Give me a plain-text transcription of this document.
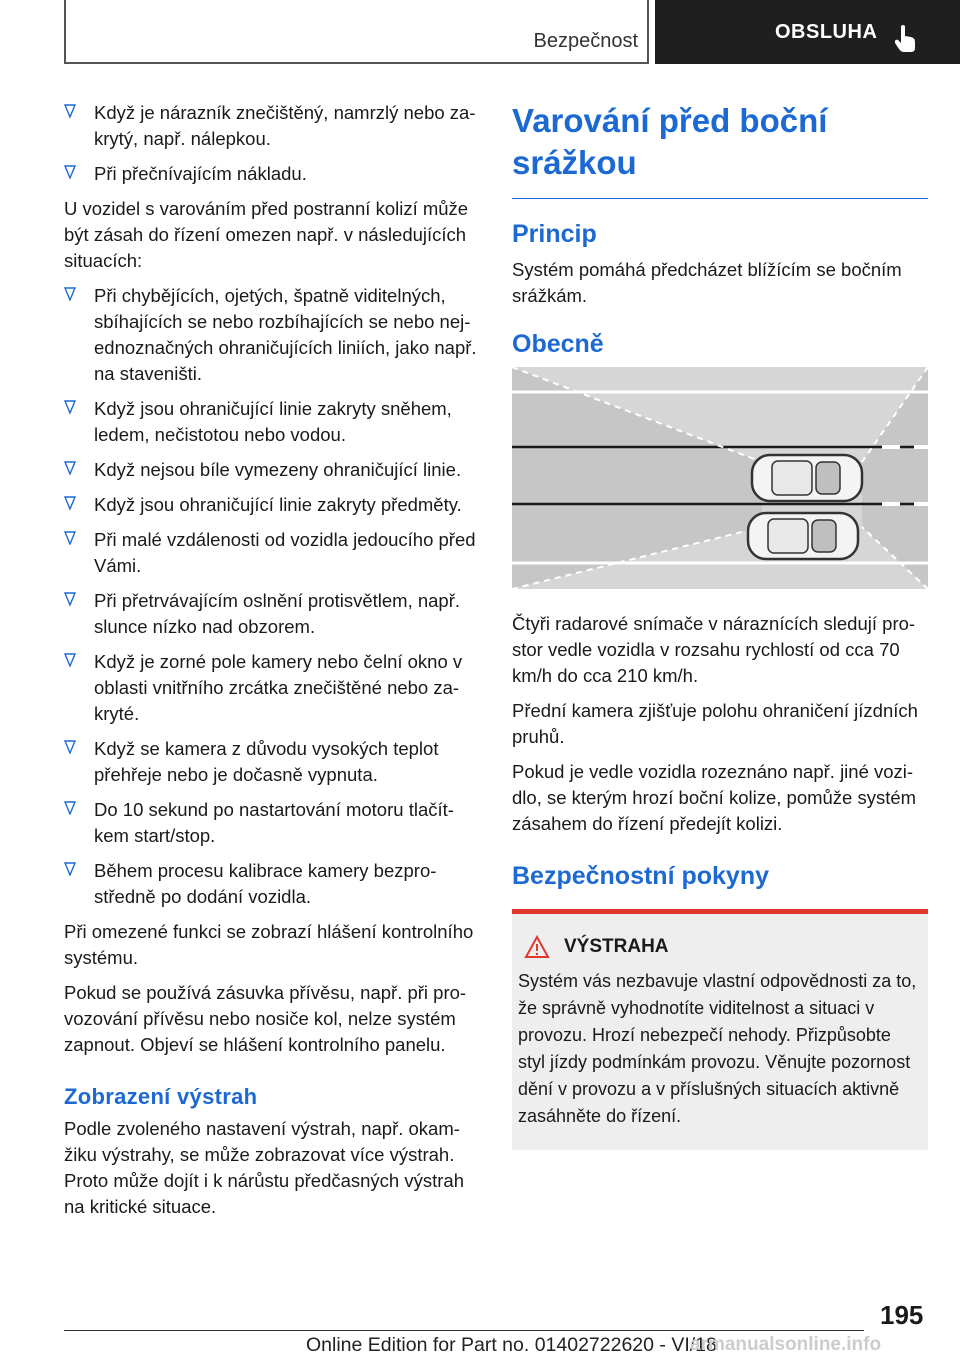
Bezpečnost	OBSLUHA
Když je nárazník znečištěný, namrzlý nebo zakrytý, např. nálepkou.
Při přečnívajícím nákladu.

U vozidel s varováním před postranní kolizí může být zásah do řízení omezen např. v následujících situacích:

Při chybějících, ojetých, špatně viditelných, sbíhajících se nebo rozbíhajících se nebo nejednoznačných ohraničujících liniích, jako např. na staveništi.
Když jsou ohraničující linie zakryty sněhem, ledem, nečistotou nebo vodou.
Když nejsou bíle vymezeny ohraničující linie.
Když jsou ohraničující linie zakryty předměty.
Při malé vzdálenosti od vozidla jedoucího před Vámi.
Při přetrvávajícím oslnění protisvětlem, např. slunce nízko nad obzorem.
Když je zorné pole kamery nebo čelní okno v oblasti vnitřního zrcátka znečištěné nebo zakryté.
Když se kamera z důvodu vysokých teplot přehřeje nebo je dočasně vypnuta.
Do 10 sekund po nastartování motoru tlačítkem start/stop.
Během procesu kalibrace kamery bezprostředně po dodání vozidla.

Při omezené funkci se zobrazí hlášení kontrolního systému.

Pokud se používá zásuvka přívěsu, např. při provozování přívěsu nebo nosiče kol, nelze systém zapnout. Objeví se hlášení kontrolního panelu.

Zobrazení výstrah

Podle zvoleného nastavení výstrah, např. okamžiku výstrahy, se může zobrazovat více výstrah. Proto může dojít i k nárůstu předčasných výstrah na kritické situace.

Varování před boční srážkou
Princip

Systém pomáhá předcházet blížícím se bočním srážkám.

Obecně

Čtyři radarové snímače v náraznících sledují prostor vedle vozidla v rozsahu rychlostí od cca 70 km/h do cca 210 km/h.

Přední kamera zjišťuje polohu ohraničení jízdních pruhů.

Pokud je vedle vozidla rozeznáno např. jiné vozidlo, se kterým hrozí boční kolize, pomůže systém zásahem do řízení předejít kolizi.

Bezpečnostní pokyny
VÝSTRAHA
Systém vás nezbavuje vlastní odpovědnosti za to, že správně vyhodnotíte viditelnost a situaci v provozu. Hrozí nebezpečí nehody. Přizpůsobte styl jízdy podmínkám provozu. Věnujte pozornost dění v provozu a v příslušných situacích aktivně zasáhněte do řízení.
195
Online Edition for Part no. 01402722620 - VI/18
armanualsonline.info
